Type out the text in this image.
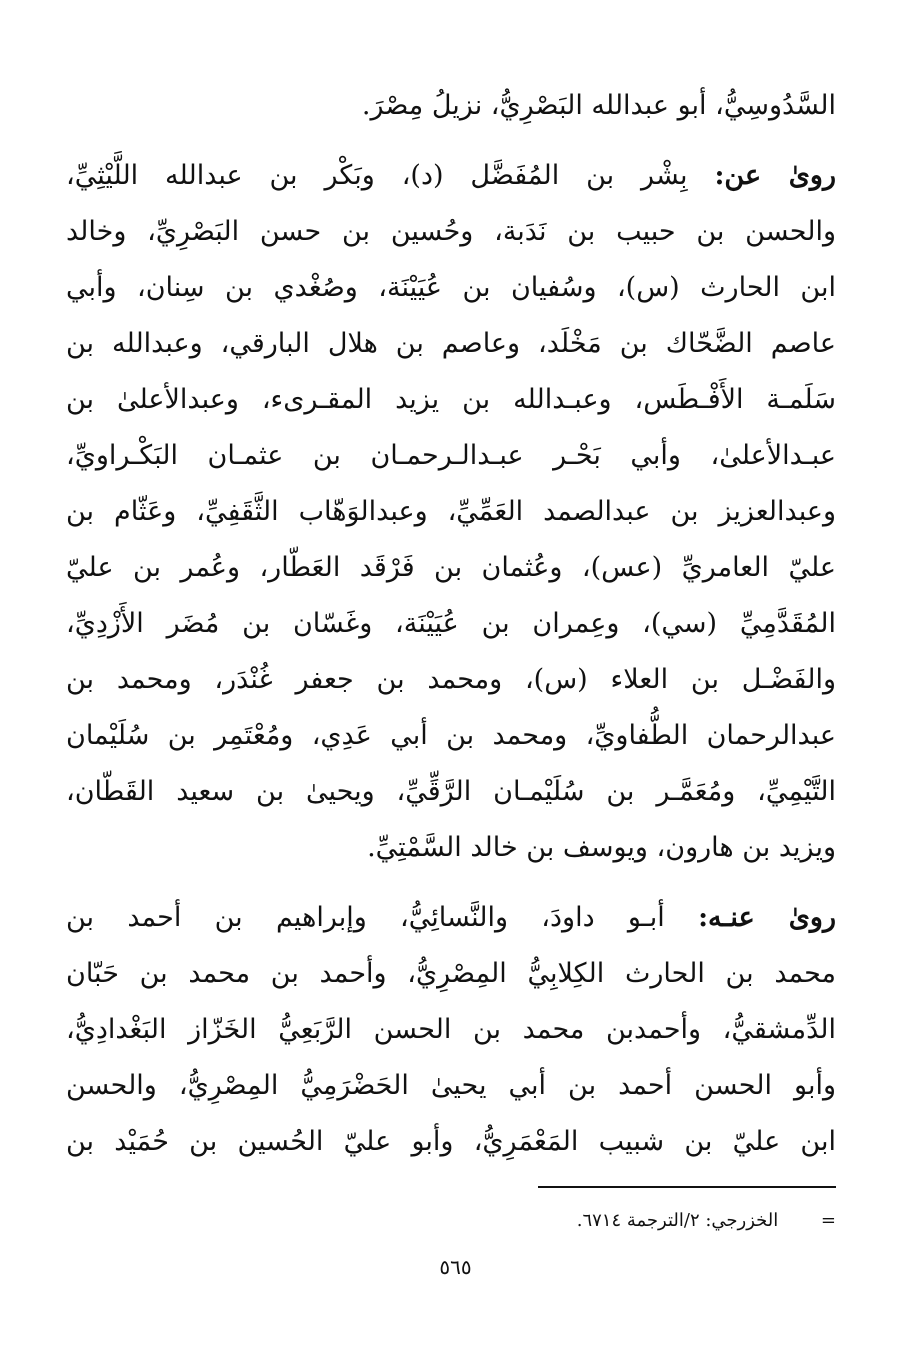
السَّدُوسِيُّ، أبو عبدالله البَصْرِيُّ، نزيلُ مِصْرَ.
روىٰ عن: بِشْر بن المُفَضَّل (د)، وبَكْر بن عبدالله اللَّيْثِيِّ،
والحسن بن حبيب بن نَدَبة، وحُسين بن حسن البَصْرِيِّ، وخالد
ابن الحارث (س)، وسُفيان بن عُيَيْنَة، وصُغْدي بن سِنان، وأبي
عاصم الضَّحّاك بن مَخْلَد، وعاصم بن هلال البارقي، وعبدالله بن
سَلَمـة الأَفْـطَس، وعبـدالله بن يزيد المقـرىء، وعبدالأعلىٰ بن
عبـدالأعلىٰ، وأبي بَحْـر عبـدالـرحمـان بن عثمـان البَكْـراويِّ،
وعبدالعزيز بن عبدالصمد العَمِّيِّ، وعبدالوَهّاب الثَّقَفِيِّ، وعَثّام بن
عليّ العامريِّ (عس)، وعُثمان بن فَرْقَد العَطّار، وعُمر بن عليّ
المُقَدَّمِيِّ (سي)، وعِمران بن عُيَيْنَة، وغَسّان بن مُضَر الأَزْدِيِّ،
والفَضْـل بن العلاء (س)، ومحمد بن جعفر غُنْدَر، ومحمد بن
عبدالرحمان الطُّفاويِّ، ومحمد بن أبي عَدِي، ومُعْتَمِر بن سُلَيْمان
التَّيْمِيِّ، ومُعَمَّـر بن سُلَيْمـان الرَّقِّيِّ، ويحيىٰ بن سعيد القَطّان،
ويزيد بن هارون، ويوسف بن خالد السَّمْتِيِّ.
روىٰ عنـه: أبـو داودَ، والنَّسائِيُّ، وإبراهيم بن أحمد بن
محمد بن الحارث الكِلابِيُّ المِصْرِيُّ، وأحمد بن محمد بن حَبّان
الدِّمشقيُّ، وأحمدبن محمد بن الحسن الرَّبَعِيُّ الخَزّاز البَغْدادِيُّ،
وأبو الحسن أحمد بن أبي يحيىٰ الحَضْرَمِيُّ المِصْرِيُّ، والحسن
ابن عليّ بن شبيب المَعْمَرِيُّ، وأبو عليّ الحُسين بن حُمَيْد بن
= الخزرجي: ٢/الترجمة ٦٧١٤.
٥٦٥
